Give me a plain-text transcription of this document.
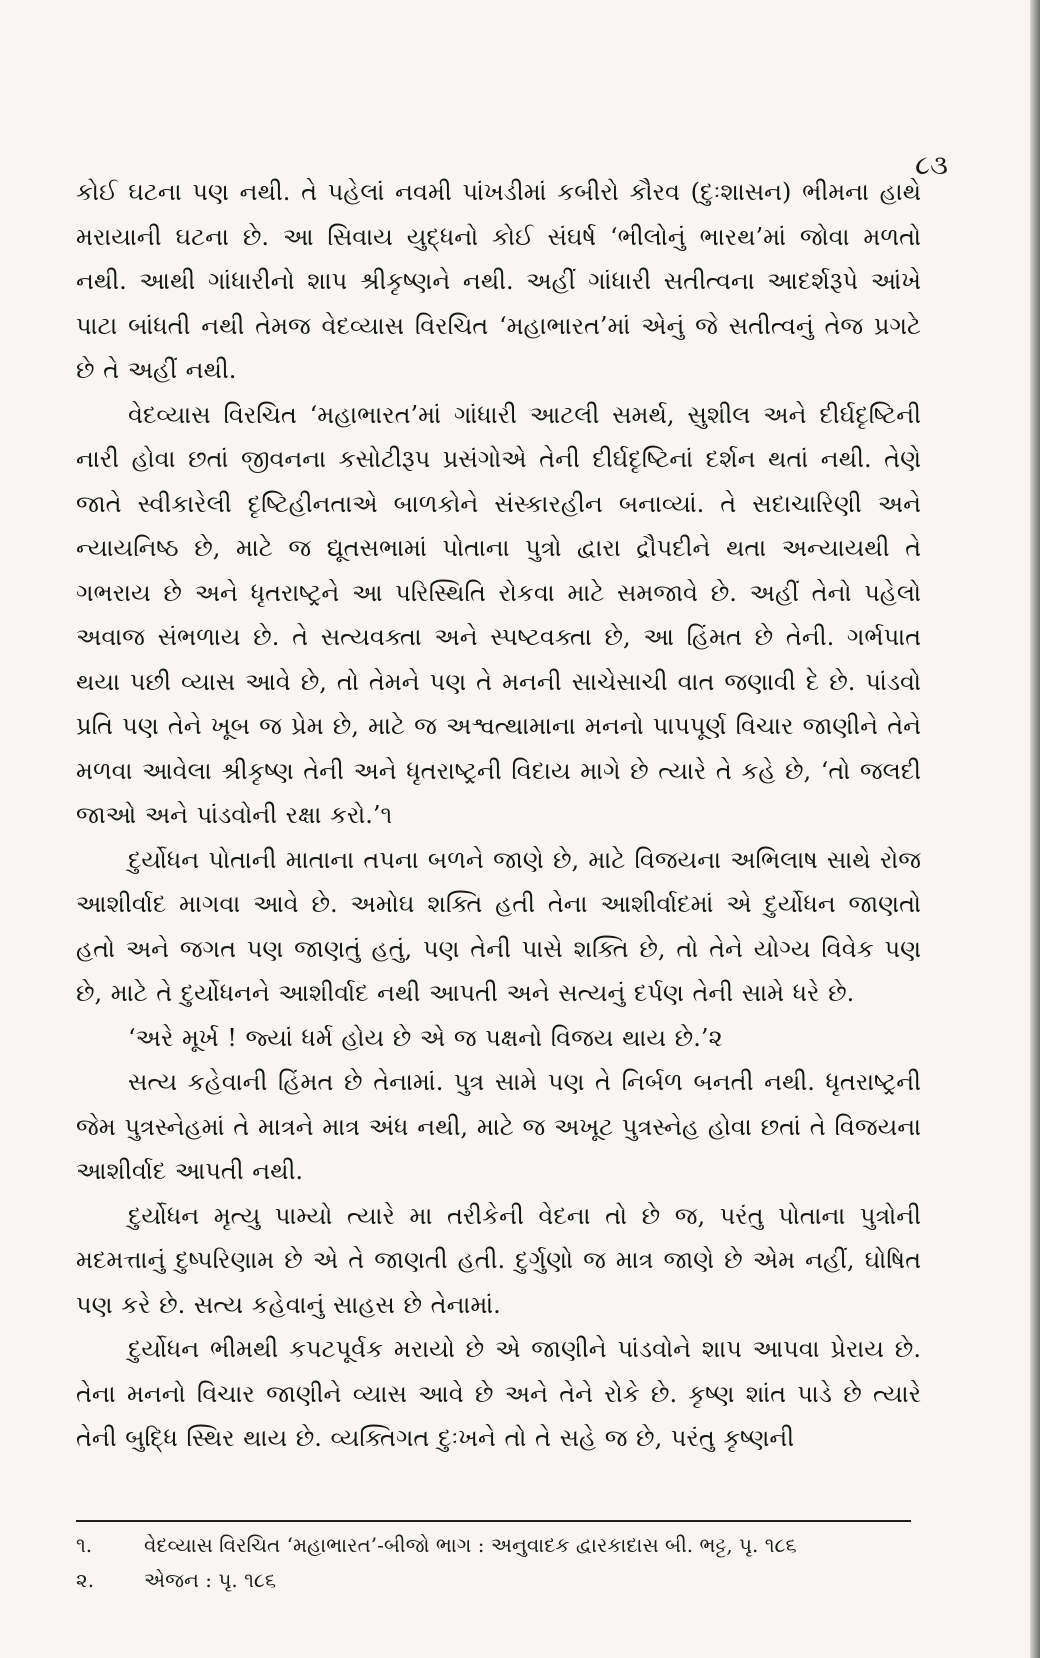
૮૩

કોઈ ઘટના પણ નથી. તે પહેલાં નવમી પાંખડીમાં કબીરો કૌરવ (દુઃશાસન) ભીમના હાથે મરાયાની ઘટના છે. આ સિવાય યુદ્ધનો કોઈ સંઘર્ષ ‘ભીલોનું ભારથ’માં જોવા મળતો નથી. આથી ગાંધારીનો શાપ શ્રીકૃષ્ણને નથી. અહીં ગાંધારી સતીત્વના આદર્શરૂપે આંખે પાટા બાંધતી નથી તેમજ વેદવ્યાસ વિરચિત ‘મહાભારત’માં એનું જે સતીત્વનું તેજ પ્રગટે છે તે અહીં નથી.

વેદવ્યાસ વિરચિત ‘મહાભારત’માં ગાંધારી આટલી સમર્થ, સુશીલ અને દીર્ઘદૃષ્ટિની નારી હોવા છતાં જીવનના કસોટીરૂપ પ્રસંગોએ તેની દીર્ઘદૃષ્ટિનાં દર્શન થતાં નથી. તેણે જાતે સ્વીકારેલી દૃષ્ટિહીનતાએ બાળકોને સંસ્કારહીન બનાવ્યાં. તે સદાચારિણી અને ન્યાયનિષ્ઠ છે, માટે જ દ્યૂતસભામાં પોતાના પુત્રો દ્વારા દ્રૌપદીને થતા અન્યાયથી તે ગભરાય છે અને ધૃતરાષ્ટ્રને આ પરિસ્થિતિ રોકવા માટે સમજાવે છે. અહીં તેનો પહેલો અવાજ સંભળાય છે. તે સત્યવક્તા અને સ્પષ્ટવક્તા છે, આ હિંમત છે તેની. ગર્ભપાત થયા પછી વ્યાસ આવે છે, તો તેમને પણ તે મનની સાચેસાચી વાત જણાવી દે છે. પાંડવો પ્રતિ પણ તેને ખૂબ જ પ્રેમ છે, માટે જ અશ્વત્થામાના મનનો પાપપૂર્ણ વિચાર જાણીને તેને મળવા આવેલા શ્રીકૃષ્ણ તેની અને ધૃતરાષ્ટ્રની વિદાય માગે છે ત્યારે તે કહે છે, ‘તો જલદી જાઓ અને પાંડવોની રક્ષા કરો.’૧

દુર્યોધન પોતાની માતાના તપના બળને જાણે છે, માટે વિજયના અભિલાષ સાથે રોજ આશીર્વાદ માગવા આવે છે. અમોઘ શક્તિ હતી તેના આશીર્વાદમાં એ દુર્યોધન જાણતો હતો અને જગત પણ જાણતું હતું, પણ તેની પાસે શક્તિ છે, તો તેને યોગ્ય વિવેક પણ છે, માટે તે દુર્યોધનને આશીર્વાદ નથી આપતી અને સત્યનું દર્પણ તેની સામે ધરે છે.

‘અરે મૂર્ખ ! જ્યાં ધર્મ હોય છે એ જ પક્ષનો વિજય થાય છે.’૨

સત્ય કહેવાની હિંમત છે તેનામાં. પુત્ર સામે પણ તે નિર્બળ બનતી નથી. ધૃતરાષ્ટ્રની જેમ પુત્રસ્નેહમાં તે માત્રને માત્ર અંધ નથી, માટે જ અખૂટ પુત્રસ્નેહ હોવા છતાં તે વિજયના આશીર્વાદ આપતી નથી.

દુર્યોધન મૃત્યુ પામ્યો ત્યારે મા તરીકેની વેદના તો છે જ, પરંતુ પોતાના પુત્રોની મદમત્તાનું દુષ્પરિણામ છે એ તે જાણતી હતી. દુર્ગુણો જ માત્ર જાણે છે એમ નહીં, ઘોષિત પણ કરે છે. સત્ય કહેવાનું સાહસ છે તેનામાં.

દુર્યોધન ભીમથી કપટપૂર્વક મરાયો છે એ જાણીને પાંડવોને શાપ આપવા પ્રેરાય છે. તેના મનનો વિચાર જાણીને વ્યાસ આવે છે અને તેને રોકે છે. કૃષ્ણ શાંત પાડે છે ત્યારે તેની બુદ્ધિ સ્થિર થાય છે. વ્યક્તિગત દુઃખને તો તે સહે જ છે, પરંતુ કૃષ્ણની

૧.	વેદવ્યાસ વિરચિત ‘મહાભારત’-બીજો ભાગ : અનુવાદક દ્વારકાદાસ બી. ભટ્ટ, પૃ. ૧૮૬
૨.	એજન : પૃ. ૧૮૬
